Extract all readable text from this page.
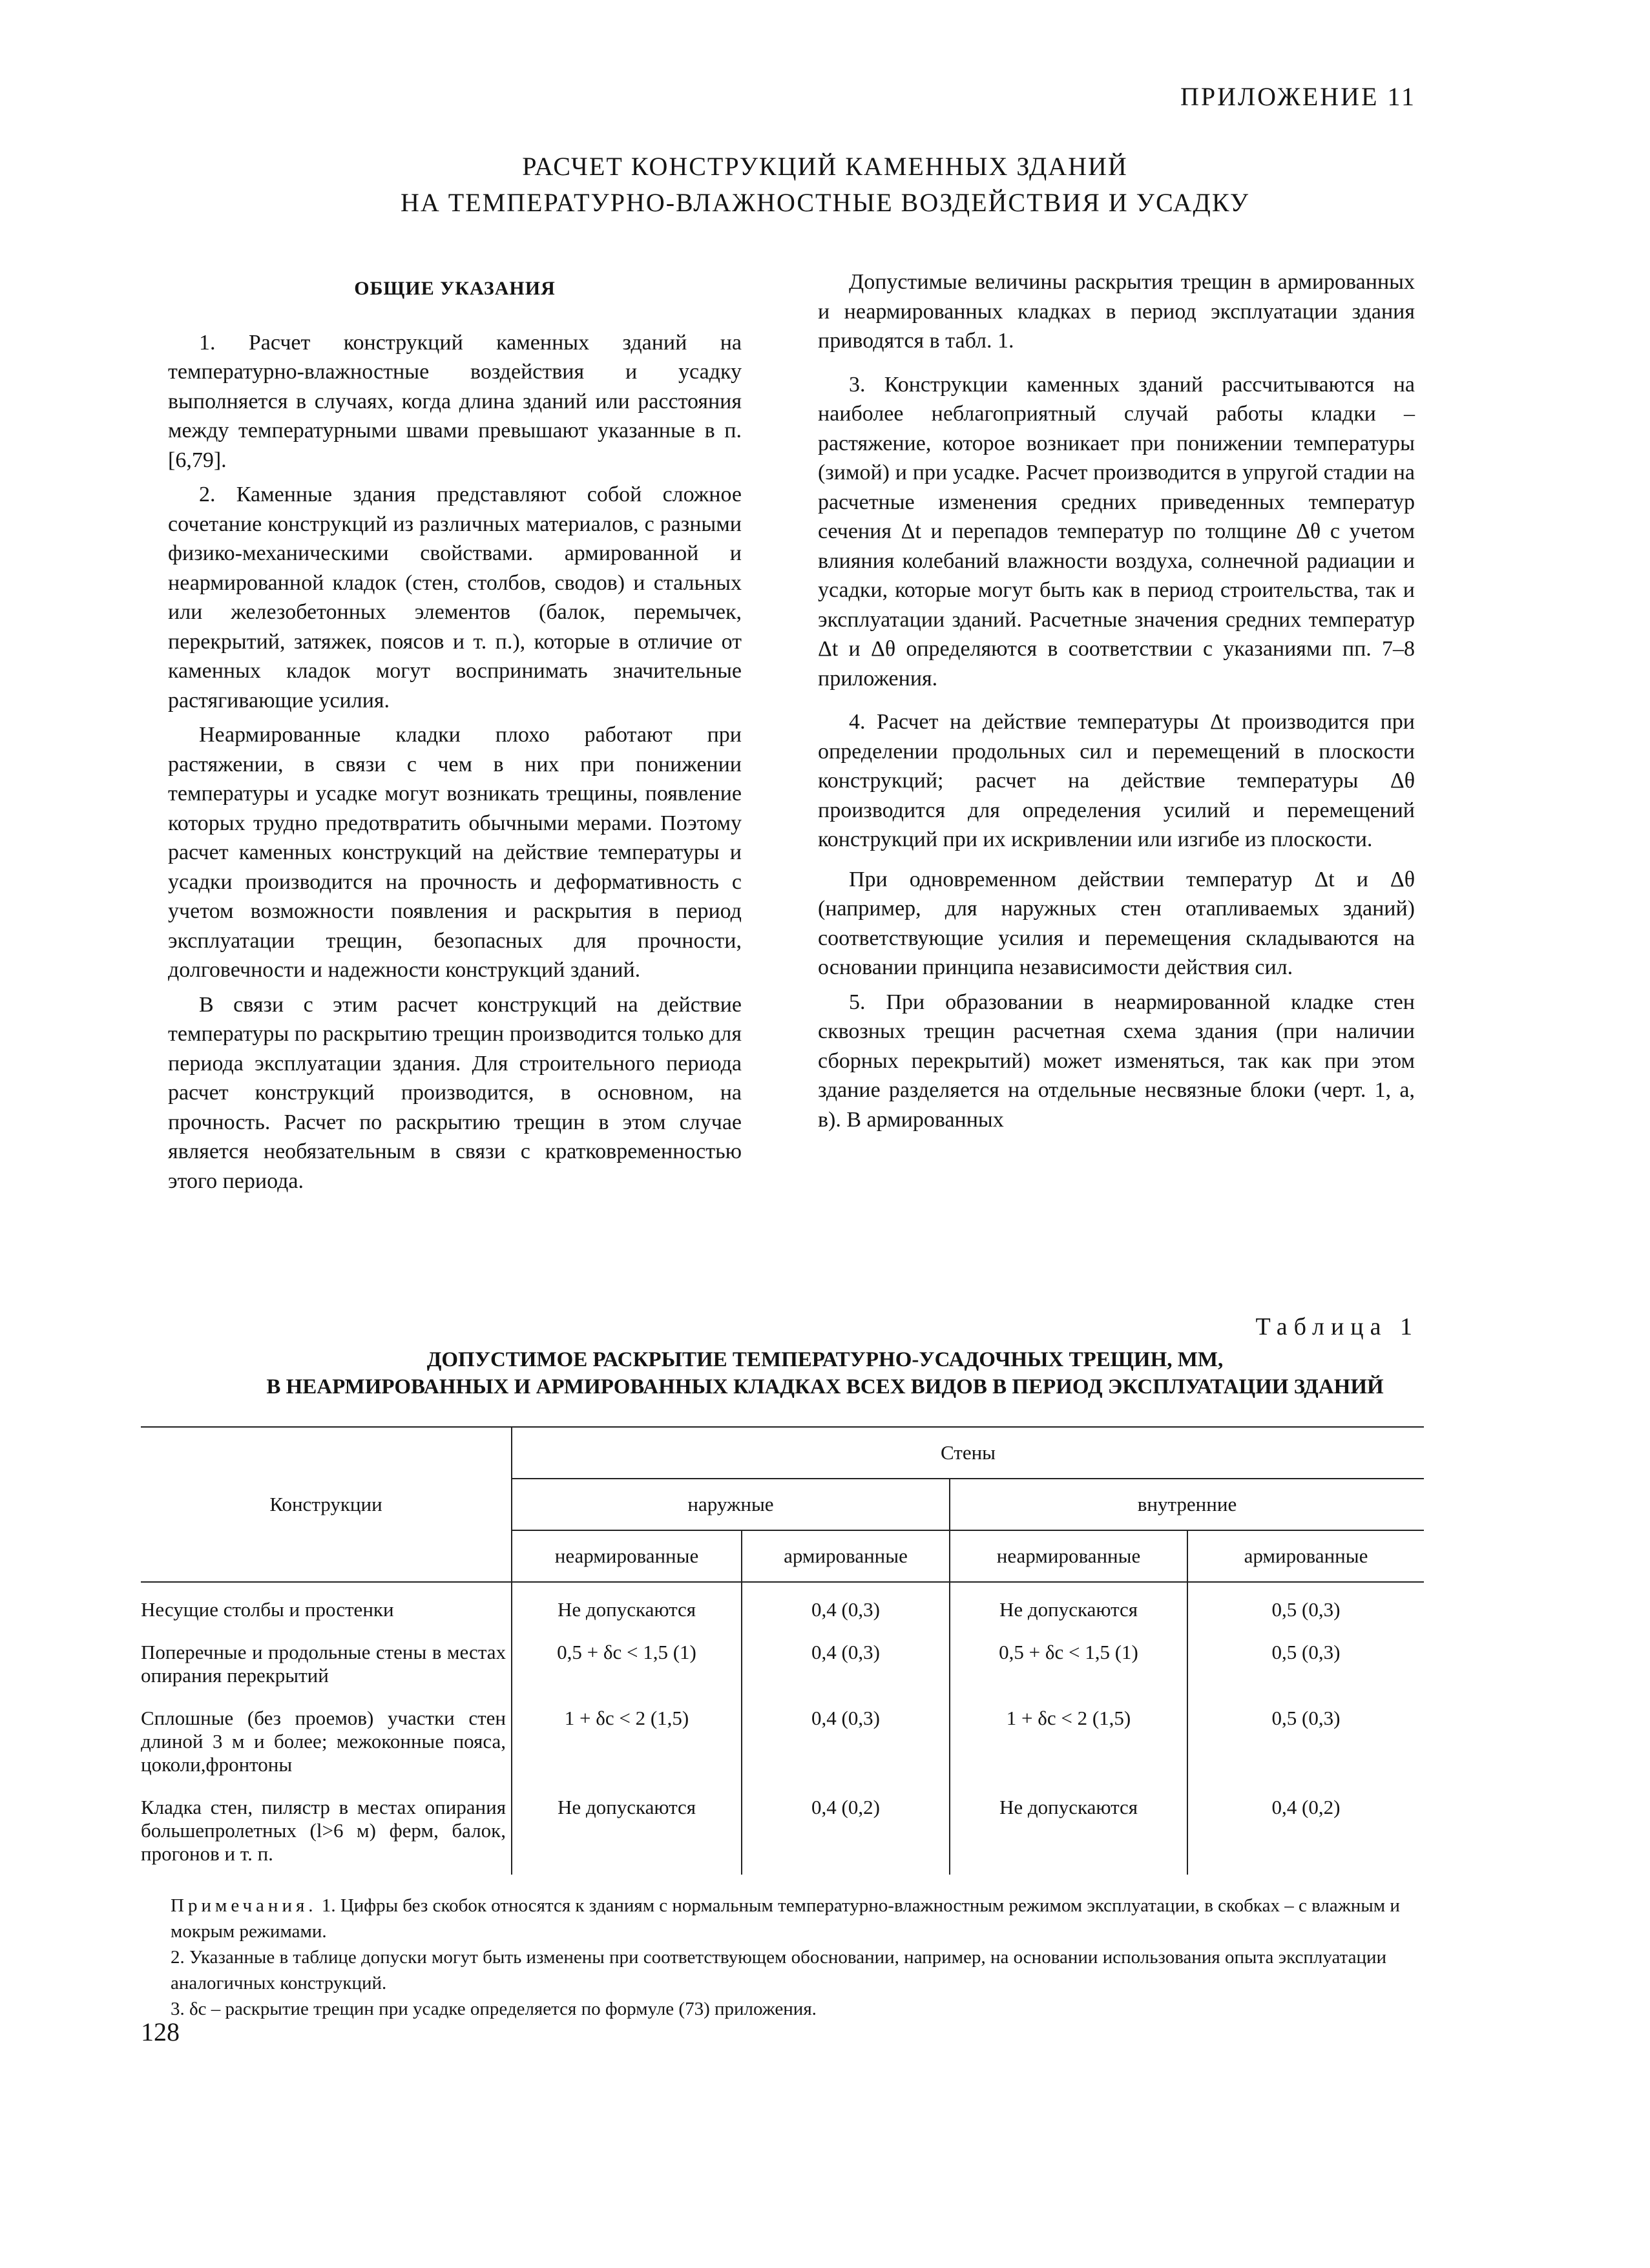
ПРИЛОЖЕНИЕ 11
РАСЧЕТ КОНСТРУКЦИЙ КАМЕННЫХ ЗДАНИЙ
НА ТЕМПЕРАТУРНО-ВЛАЖНОСТНЫЕ ВОЗДЕЙСТВИЯ И УСАДКУ

ОБЩИЕ УКАЗАНИЯ

1. Расчет конструкций каменных зданий на температурно-влажностные воздействия и усадку выполняется в случаях, когда длина зданий или расстояния между температурными швами превышают указанные в п. [6,79].

2. Каменные здания представляют собой сложное сочетание конструкций из различных материалов, с разными физико-механическими свойствами. армированной и неармированной кладок (стен, столбов, сводов) и стальных или железобетонных элементов (балок, перемычек, перекрытий, затяжек, поясов и т. п.), которые в отличие от каменных кладок могут воспринимать значительные растягивающие усилия.

Неармированные кладки плохо работают при растяжении, в связи с чем в них при понижении температуры и усадке могут возникать трещины, появление которых трудно предотвратить обычными мерами. Поэтому расчет каменных конструкций на действие температуры и усадки производится на прочность и деформативность с учетом возможности появления и раскрытия в период эксплуатации трещин, безопасных для прочности, долговечности и надежности конструкций зданий.

В связи с этим расчет конструкций на действие температуры по раскрытию трещин производится только для периода эксплуатации здания. Для строительного периода расчет конструкций производится, в основном, на прочность. Расчет по раскрытию трещин в этом случае является необязательным в связи с кратковременностью этого периода.

Допустимые величины раскрытия трещин в армированных и неармированных кладках в период эксплуатации здания приводятся в табл. 1.

3. Конструкции каменных зданий рассчитываются на наиболее неблагоприятный случай работы кладки – растяжение, которое возникает при понижении температуры (зимой) и при усадке. Расчет производится в упругой стадии на расчетные изменения средних приведенных температур сечения Δt и перепадов температур по толщине Δθ с учетом влияния колебаний влажности воздуха, солнечной радиации и усадки, которые могут быть как в период строительства, так и эксплуатации зданий. Расчетные значения средних температур Δt и Δθ определяются в соответствии с указаниями пп. 7–8 приложения.

4. Расчет на действие температуры Δt производится при определении продольных сил и перемещений в плоскости конструкций; расчет на действие температуры Δθ производится для определения усилий и перемещений конструкций при их искривлении или изгибе из плоскости.

При одновременном действии температур Δt и Δθ (например, для наружных стен отапливаемых зданий) соответствующие усилия и перемещения складываются на основании принципа независимости действия сил.

5. При образовании в неармированной кладке стен сквозных трещин расчетная схема здания (при наличии сборных перекрытий) может изменяться, так как при этом здание разделяется на отдельные несвязные блоки (черт. 1, а, в). В армированных

Таблица 1
ДОПУСТИМОЕ РАСКРЫТИЕ ТЕМПЕРАТУРНО-УСАДОЧНЫХ ТРЕЩИН, ММ,
В НЕАРМИРОВАННЫХ И АРМИРОВАННЫХ КЛАДКАХ ВСЕХ ВИДОВ В ПЕРИОД ЭКСПЛУАТАЦИИ ЗДАНИЙ
Конструкции	Стены			
	наружные		внутренние	
	неармированные	армированные	неармированные	армированные
Несущие столбы и простенки	Не допускаются	0,4 (0,3)	Не допускаются	0,5 (0,3)
Поперечные и продольные стены в местах опирания перекрытий	0,5 + δc < 1,5 (1)	0,4 (0,3)	0,5 + δc < 1,5 (1)	0,5 (0,3)
Сплошные (без проемов) участки стен длиной 3 м и более; межоконные пояса, цоколи,фронтоны	1 + δc < 2 (1,5)	0,4 (0,3)	1 + δc < 2 (1,5)	0,5 (0,3)
Кладка стен, пилястр в местах опирания большепролетных (l>6 м) ферм, балок, прогонов и т. п.	Не допускаются	0,4 (0,2)	Не допускаются	0,4 (0,2)
Примечания. 1. Цифры без скобок относятся к зданиям с нормальным температурно-влажностным режимом эксплуатации, в скобках – с влажным и мокрым режимами.
2. Указанные в таблице допуски могут быть изменены при соответствующем обосновании, например, на основании использования опыта эксплуатации аналогичных конструкций.
3. δc – раскрытие трещин при усадке определяется по формуле (73) приложения.
128
